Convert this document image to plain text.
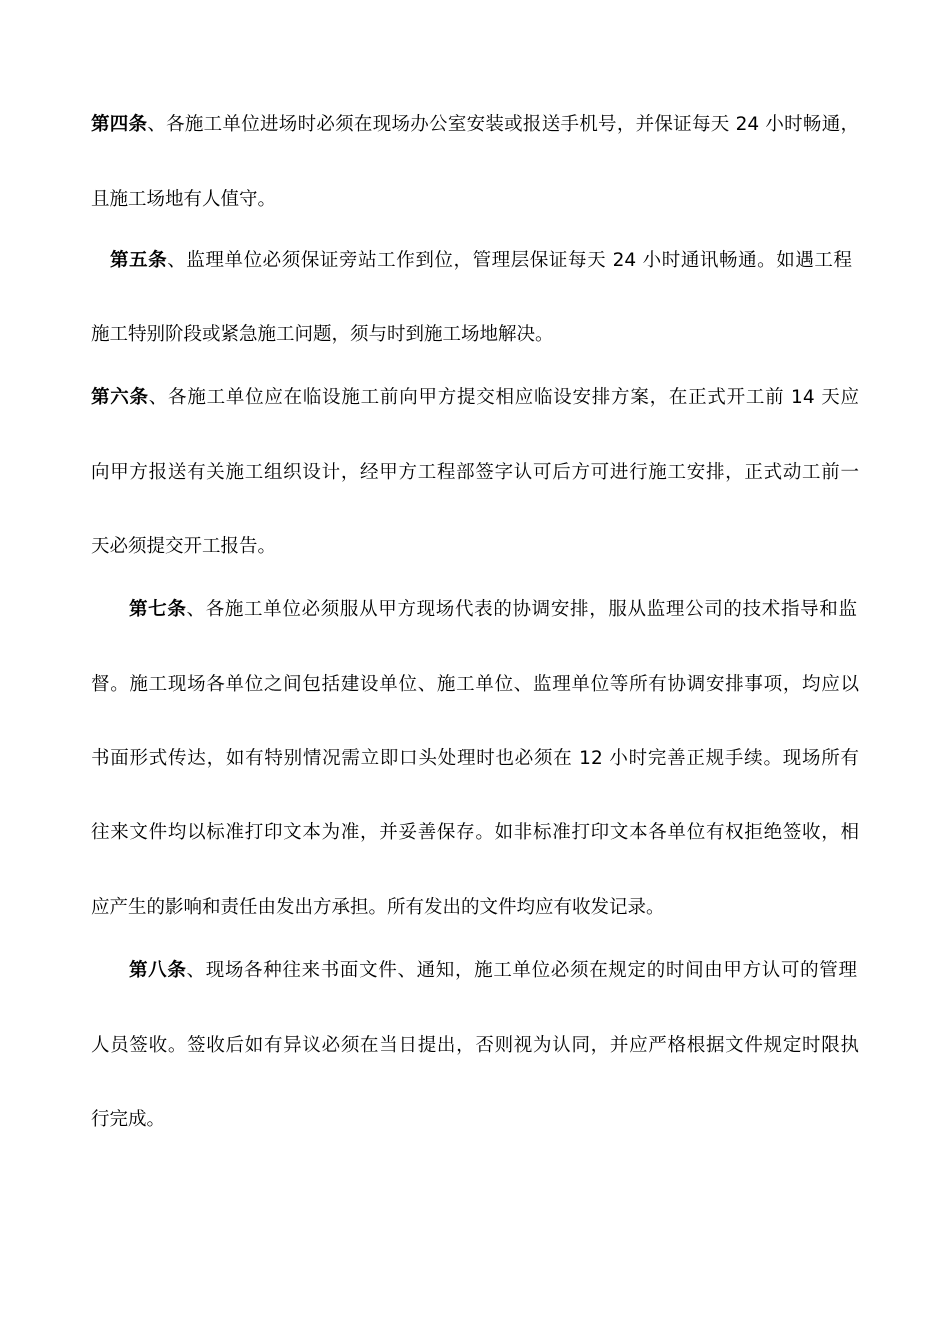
第四条、各施工单位进场时必须在现场办公室安装或报送手机号，并保证每天 24 小时畅通，
且施工场地有人值守。
第五条、监理单位必须保证旁站工作到位，管理层保证每天 24 小时通讯畅通。如遇工程
施工特别阶段或紧急施工问题，须与时到施工场地解决。
第六条、各施工单位应在临设施工前向甲方提交相应临设安排方案，在正式开工前 14 天应
向甲方报送有关施工组织设计，经甲方工程部签字认可后方可进行施工安排，正式动工前一
天必须提交开工报告。
第七条、各施工单位必须服从甲方现场代表的协调安排，服从监理公司的技术指导和监
督。施工现场各单位之间包括建设单位、施工单位、监理单位等所有协调安排事项，均应以
书面形式传达，如有特别情况需立即口头处理时也必须在 12 小时完善正规手续。现场所有
往来文件均以标准打印文本为准，并妥善保存。如非标准打印文本各单位有权拒绝签收，相
应产生的影响和责任由发出方承担。所有发出的文件均应有收发记录。
第八条、现场各种往来书面文件、通知，施工单位必须在规定的时间由甲方认可的管理
人员签收。签收后如有异议必须在当日提出，否则视为认同，并应严格根据文件规定时限执
行完成。
